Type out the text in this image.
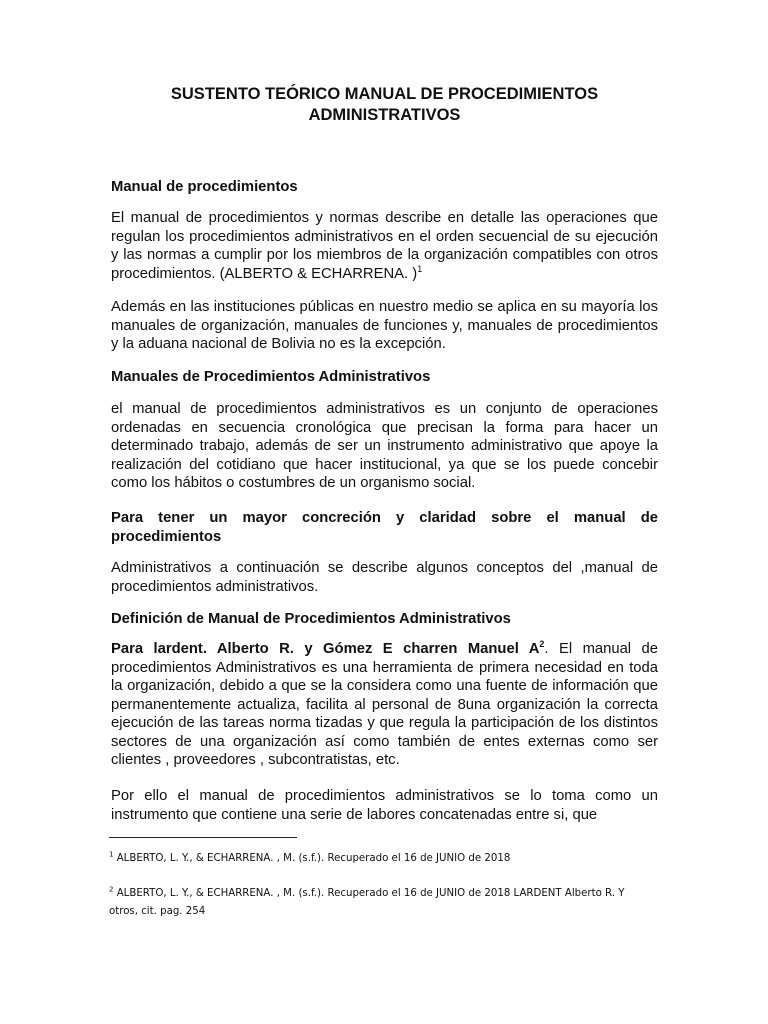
SUSTENTO TEÓRICO MANUAL DE PROCEDIMIENTOS
ADMINISTRATIVOS
Manual de procedimientos

El manual de procedimientos y normas describe en detalle las operaciones que regulan los procedimientos administrativos en el orden secuencial de su ejecución y las normas a cumplir por los miembros de la organización compatibles con otros procedimientos. (ALBERTO & ECHARRENA. )$^1$

Además en las instituciones públicas en nuestro medio se aplica en su mayoría los manuales de organización, manuales de funciones y, manuales de procedimientos y la aduana nacional de Bolivia no es la excepción.

Manuales de Procedimientos Administrativos

el manual de procedimientos administrativos es un conjunto de operaciones ordenadas en secuencia cronológica que precisan la forma para hacer un determinado trabajo, además de ser un instrumento administrativo que apoye la realización del cotidiano que hacer institucional, ya que se los puede concebir como los hábitos o costumbres de un organismo social.

Para tener un mayor concreción y claridad sobre el manual de procedimientos

Administrativos a continuación se describe algunos conceptos del ,manual de procedimientos administrativos.

Definición de Manual de Procedimientos Administrativos

Para lardent. Alberto R. y Gómez E charren Manuel $A^2$. El manual de procedimientos Administrativos es una herramienta de primera necesidad en toda la organización, debido a que se la considera como una fuente de información que permanentemente actualiza, facilita al personal de 8una organización la correcta ejecución de las tareas norma tizadas y que regula la participación de los distintos sectores de una organización así como también de entes externas como ser clientes , proveedores , subcontratistas, etc.

Por ello el manual de procedimientos administrativos se lo toma como un instrumento que contiene una serie de labores concatenadas entre si, que

$^1$ ALBERTO, L. Y., & ECHARRENA. , M. (s.f.). Recuperado el 16 de JUNIO de 2018
$^2$ ALBERTO, L. Y., & ECHARRENA. , M. (s.f.). Recuperado el 16 de JUNIO de 2018 LARDENT Alberto R. Y otros, cit. pag. 254
